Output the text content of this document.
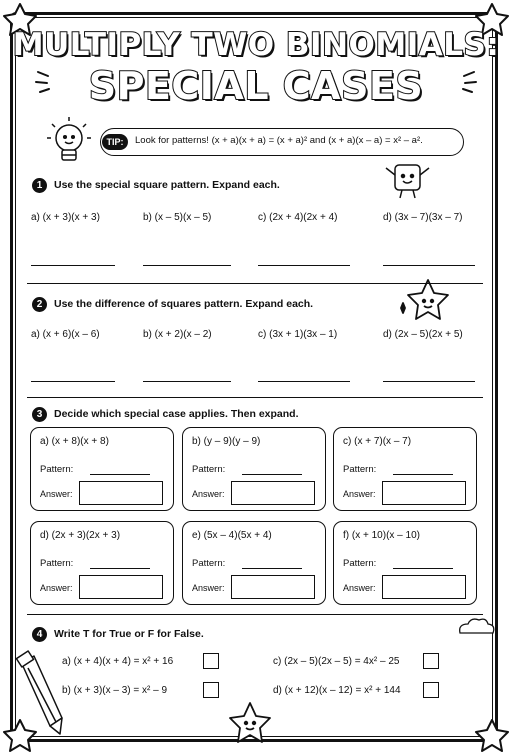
MULTIPLY TWO BINOMIALS:
SPECIAL CASES
TIP:	Look for patterns! (x + a)(x + a) = (x + a)² and (x + a)(x – a) = x² – a².
1	Use the special square pattern. Expand each.
a) (x + 3)(x + 3)	b) (x – 5)(x – 5)	c) (2x + 4)(2x + 4)	d) (3x – 7)(3x – 7)
2	Use the difference of squares pattern. Expand each.
a) (x + 6)(x – 6)	b) (x + 2)(x – 2)	c) (3x + 1)(3x – 1)	d) (2x – 5)(2x + 5)
3	Decide which special case applies. Then expand.
a) (x + 8)(x + 8)
Pattern:
Answer:
b) (y – 9)(y – 9)
Pattern:
Answer:
c) (x + 7)(x – 7)
Pattern:
Answer:
d) (2x + 3)(2x + 3)
Pattern:
Answer:
e) (5x – 4)(5x + 4)
Pattern:
Answer:
f) (x + 10)(x – 10)
Pattern:
Answer:
4	Write T for True or F for False.
a) (x + 4)(x + 4) = x² + 16	c) (2x – 5)(2x – 5) = 4x² – 25
b) (x + 3)(x – 3) = x² – 9	d) (x + 12)(x – 12) = x² + 144
